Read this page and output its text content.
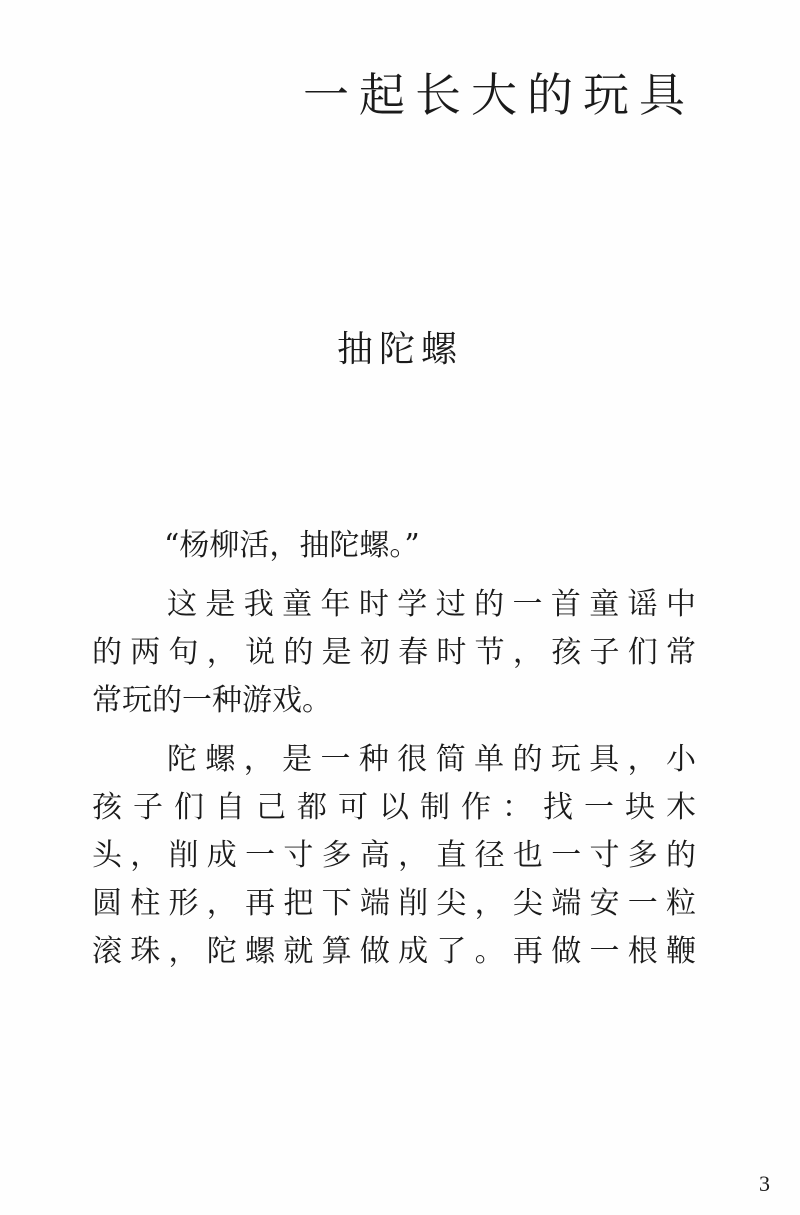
一起长大的玩具
抽陀螺
“杨柳活，抽陀螺。”
这是我童年时学过的一首童谣中
的两句，说的是初春时节，孩子们常
常玩的一种游戏。
陀螺，是一种很简单的玩具，小
孩子们自己都可以制作：找一块木
头，削成一寸多高，直径也一寸多的
圆柱形，再把下端削尖，尖端安一粒
滚珠，陀螺就算做成了。再做一根鞭
3
